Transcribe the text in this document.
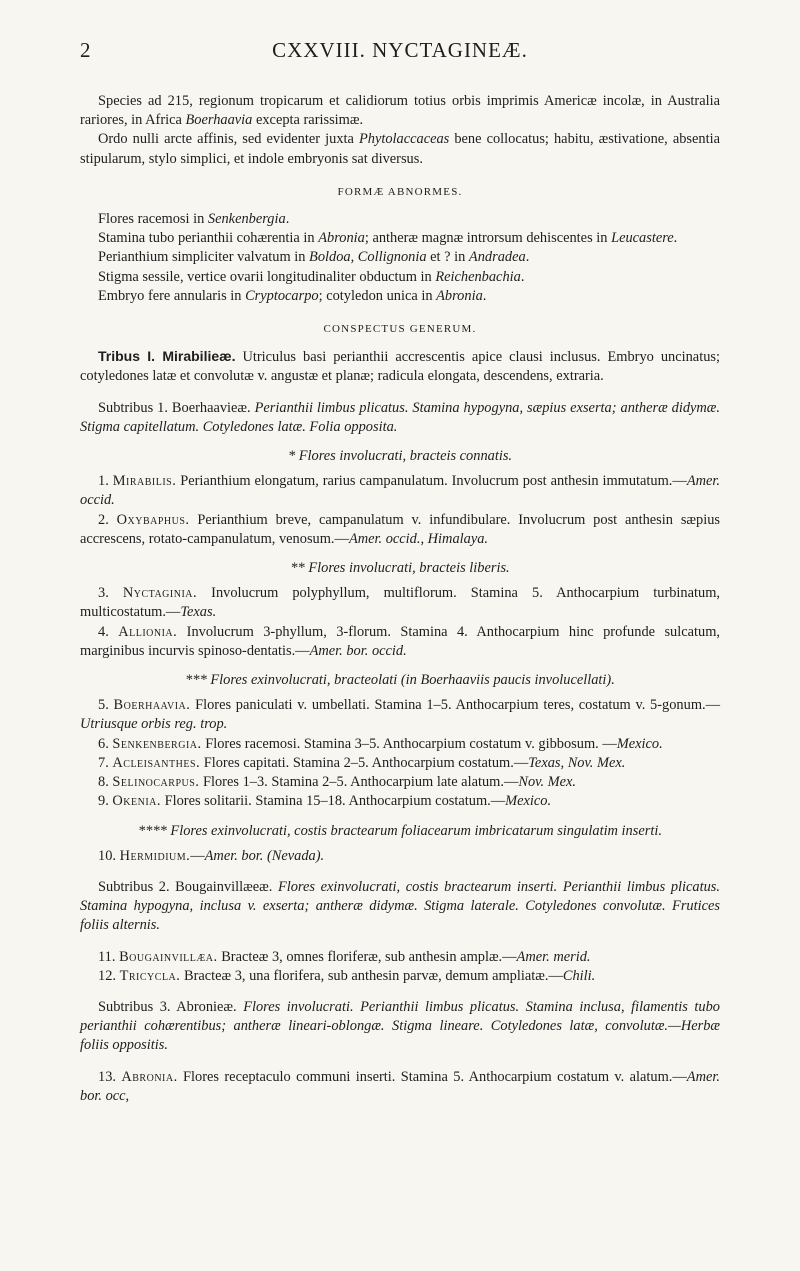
2	CXXVIII. NYCTAGINEÆ.

Species ad 215, regionum tropicarum et calidiorum totius orbis imprimis Americæ incolæ, in Australia rariores, in Africa Boerhaavia excepta rarissimæ.

Ordo nulli arcte affinis, sed evidenter juxta Phytolaccaceas bene collocatus; habitu, æstivatione, absentia stipularum, stylo simplici, et indole embryonis sat diversus.

FORMÆ ABNORMES.

Flores racemosi in Senkenbergia.

Stamina tubo perianthii cohærentia in Abronia; antheræ magnæ introrsum dehiscentes in Leucastere.

Perianthium simpliciter valvatum in Boldoa, Collignonia et ? in Andradea.

Stigma sessile, vertice ovarii longitudinaliter obductum in Reichenbachia.

Embryo fere annularis in Cryptocarpo; cotyledon unica in Abronia.

CONSPECTUS GENERUM.

Tribus I. Mirabilieæ. Utriculus basi perianthii accrescentis apice clausi inclusus. Embryo uncinatus; cotyledones latæ et convolutæ v. angustæ et planæ; radicula elongata, descendens, extraria.

Subtribus 1. Boerhaavieæ. Perianthii limbus plicatus. Stamina hypogyna, sæpius exserta; antheræ didymæ. Stigma capitellatum. Cotyledones latæ. Folia opposita.

* Flores involucrati, bracteis connatis.

1. Mirabilis. Perianthium elongatum, rarius campanulatum. Involucrum post anthesin immutatum.—Amer. occid.

2. Oxybaphus. Perianthium breve, campanulatum v. infundibulare. Involucrum post anthesin sæpius accrescens, rotato-campanulatum, venosum.—Amer. occid., Himalaya.

** Flores involucrati, bracteis liberis.

3. Nyctaginia. Involucrum polyphyllum, multiflorum. Stamina 5. Anthocarpium turbinatum, multicostatum.—Texas.

4. Allionia. Involucrum 3-phyllum, 3-florum. Stamina 4. Anthocarpium hinc profunde sulcatum, marginibus incurvis spinoso-dentatis.—Amer. bor. occid.

*** Flores exinvolucrati, bracteolati (in Boerhaaviis paucis involucellati).

5. Boerhaavia. Flores paniculati v. umbellati. Stamina 1–5. Anthocarpium teres, costatum v. 5-gonum.—Utriusque orbis reg. trop.

6. Senkenbergia. Flores racemosi. Stamina 3–5. Anthocarpium costatum v. gibbosum. —Mexico.

7. Acleisanthes. Flores capitati. Stamina 2–5. Anthocarpium costatum.—Texas, Nov. Mex.

8. Selinocarpus. Flores 1–3. Stamina 2–5. Anthocarpium late alatum.—Nov. Mex.

9. Okenia. Flores solitarii. Stamina 15–18. Anthocarpium costatum.—Mexico.

**** Flores exinvolucrati, costis bractearum foliacearum imbricatarum singulatim inserti.

10. Hermidium.—Amer. bor. (Nevada).

Subtribus 2. Bougainvillæeæ. Flores exinvolucrati, costis bractearum inserti. Perianthii limbus plicatus. Stamina hypogyna, inclusa v. exserta; antheræ didymæ. Stigma laterale. Cotyledones convolutæ. Frutices foliis alternis.

11. Bougainvillæa. Bracteæ 3, omnes floriferæ, sub anthesin amplæ.—Amer. merid.

12. Tricycla. Bracteæ 3, una florifera, sub anthesin parvæ, demum ampliatæ.—Chili.

Subtribus 3. Abronieæ. Flores involucrati. Perianthii limbus plicatus. Stamina inclusa, filamentis tubo perianthii cohærentibus; antheræ lineari-oblongæ. Stigma lineare. Cotyledones latæ, convolutæ.—Herbæ foliis oppositis.

13. Abronia. Flores receptaculo communi inserti. Stamina 5. Anthocarpium costatum v. alatum.—Amer. bor. occ,
